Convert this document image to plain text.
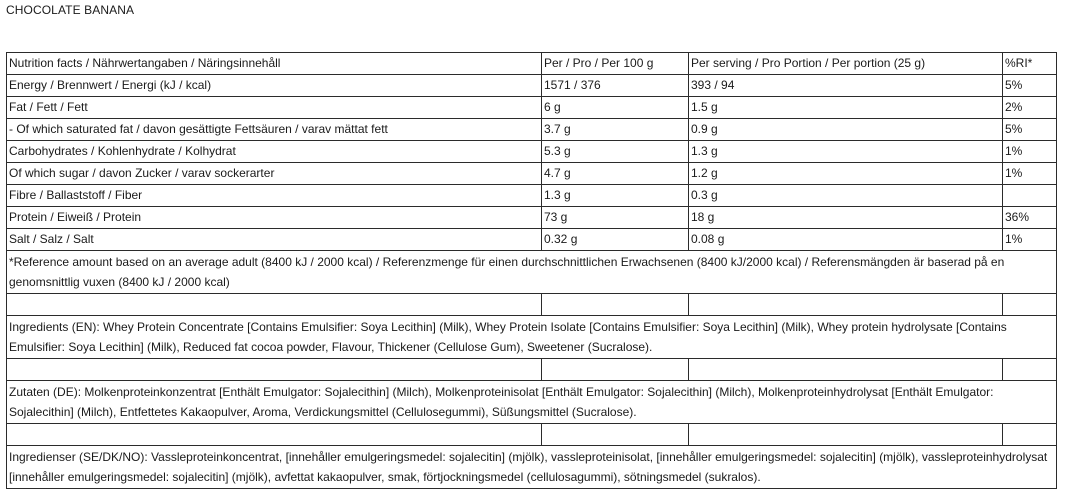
CHOCOLATE BANANA
Nutrition facts / Nährwertangaben / Näringsinnehåll	Per / Pro / Per 100 g	Per serving / Pro Portion / Per portion (25 g)	%RI*
Energy / Brennwert / Energi (kJ / kcal)	1571 / 376	393 / 94	5%
Fat / Fett / Fett	6 g	1.5 g	2%
- Of which saturated fat / davon gesättigte Fettsäuren / varav mättat fett	3.7 g	0.9 g	5%
Carbohydrates / Kohlenhydrate / Kolhydrat	5.3 g	1.3 g	1%
Of which sugar / davon Zucker / varav sockerarter	4.7 g	1.2 g	1%
Fibre / Ballaststoff / Fiber	1.3 g	0.3 g	
Protein / Eiweiß / Protein	73 g	18 g	36%
Salt / Salz / Salt	0.32 g	0.08 g	1%
*Reference amount based on an average adult (8400 kJ / 2000 kcal) / Referenzmenge für einen durchschnittlichen Erwachsenen (8400 kJ/2000 kcal) / Referensmängden är baserad på en genomsnittlig vuxen (8400 kJ / 2000 kcal)			

Ingredients (EN): Whey Protein Concentrate [Contains Emulsifier: Soya Lecithin] (Milk), Whey Protein Isolate [Contains Emulsifier: Soya Lecithin] (Milk), Whey protein hydrolysate [Contains Emulsifier: Soya Lecithin] (Milk), Reduced fat cocoa powder, Flavour, Thickener (Cellulose Gum), Sweetener (Sucralose).			

Zutaten (DE): Molkenproteinkonzentrat [Enthält Emulgator: Sojalecithin] (Milch), Molkenproteinisolat [Enthält Emulgator: Sojalecithin] (Milch), Molkenproteinhydrolysat [Enthält Emulgator: Sojalecithin] (Milch), Entfettetes Kakaopulver, Aroma, Verdickungsmittel (Cellulosegummi), Süßungsmittel (Sucralose).			

Ingredienser (SE/DK/NO): Vassleproteinkoncentrat, [innehåller emulgeringsmedel: sojalecitin] (mjölk), vassleproteinisolat, [innehåller emulgeringsmedel: sojalecitin] (mjölk), vassleproteinhydrolysat [innehåller emulgeringsmedel: sojalecitin] (mjölk), avfettat kakaopulver, smak, förtjockningsmedel (cellulosagummi), sötningsmedel (sukralos).			
